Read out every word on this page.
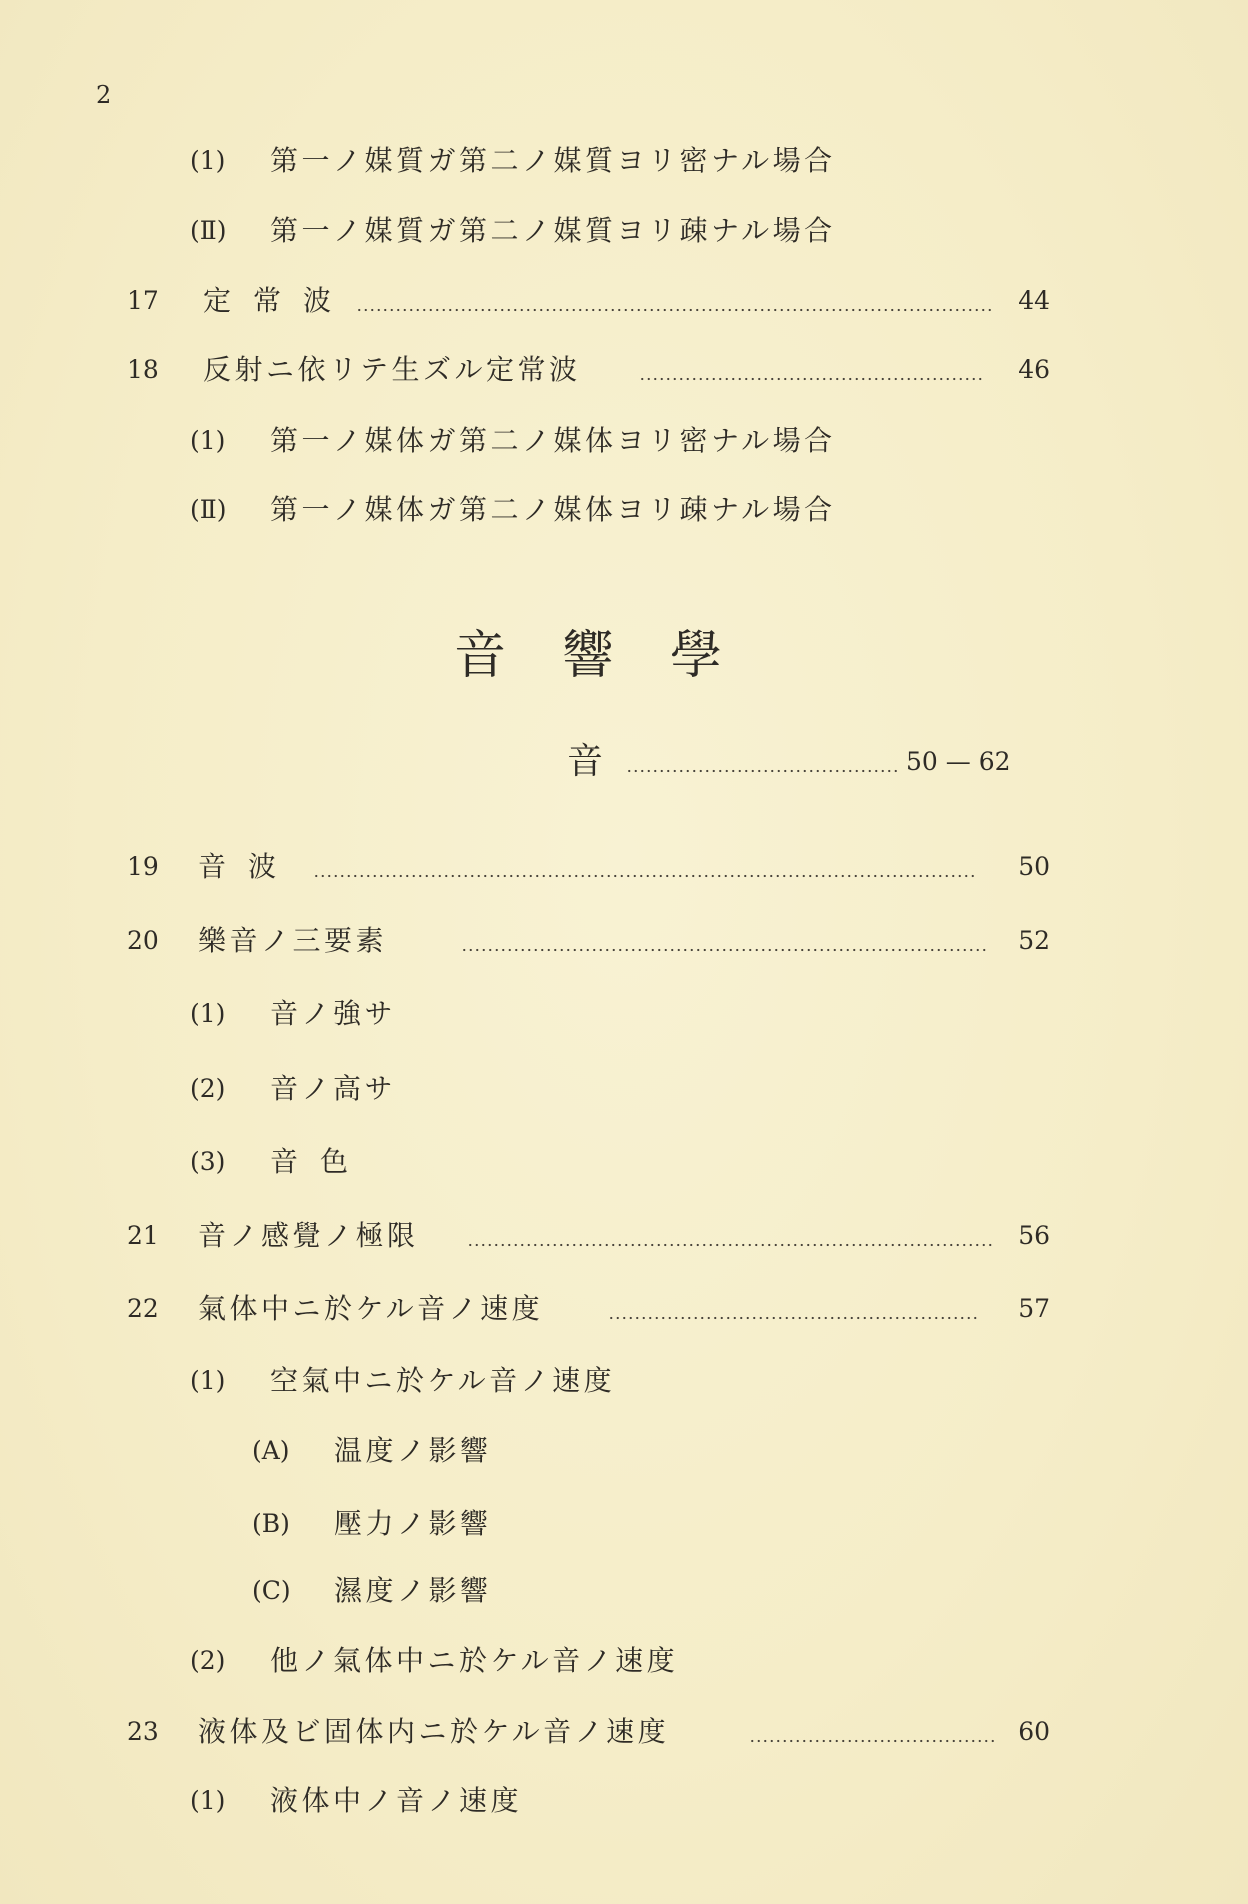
2
(1) 第一ノ媒質ガ第二ノ媒質ヨリ密ナル場合
(Ⅱ) 第一ノ媒質ガ第二ノ媒質ヨリ疎ナル場合
17 定常波	44
18 反射ニ依リテ生ズル定常波	46
(1) 第一ノ媒体ガ第二ノ媒体ヨリ密ナル場合
(Ⅱ) 第一ノ媒体ガ第二ノ媒体ヨリ疎ナル場合
音響學
音	50 — 62
19 音波	50
20 樂音ノ三要素	52
(1) 音ノ強サ
(2) 音ノ高サ
(3) 音色
21 音ノ感覺ノ極限	56
22 氣体中ニ於ケル音ノ速度	57
(1) 空氣中ニ於ケル音ノ速度
(A) 温度ノ影響
(B) 壓力ノ影響
(C) 濕度ノ影響
(2) 他ノ氣体中ニ於ケル音ノ速度
23 液体及ビ固体内ニ於ケル音ノ速度	60
(1) 液体中ノ音ノ速度
